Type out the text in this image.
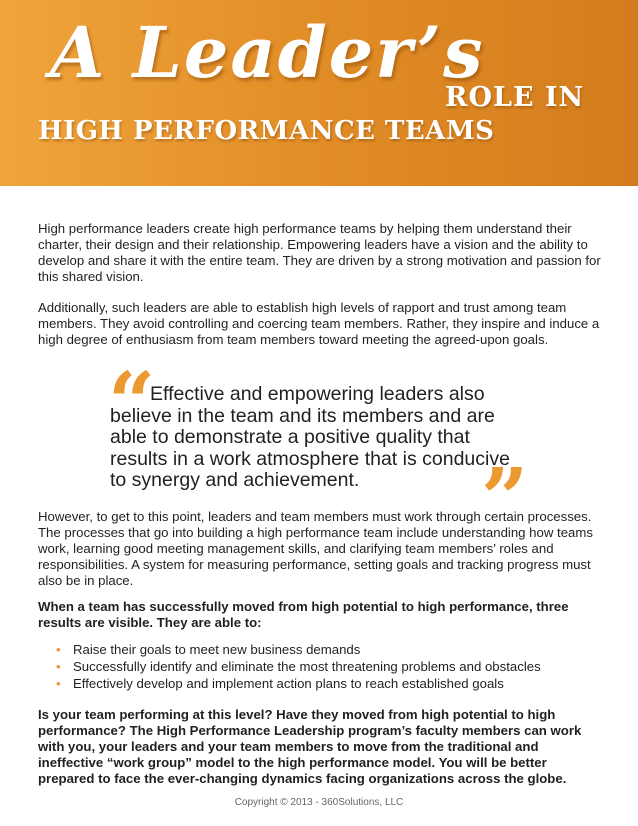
A Leader’s
ROLE IN
HIGH PERFORMANCE TEAMS

High performance leaders create high performance teams by helping them understand their charter, their design and their relationship. Empowering leaders have a vision and the ability to develop and share it with the entire team. They are driven by a strong motivation and passion for this shared vision.

Additionally, such leaders are able to establish high levels of rapport and trust among team members. They avoid controlling and coercing team members. Rather, they inspire and induce a high degree of enthusiasm from team members toward meeting the agreed-upon goals.

“

Effective and empowering leaders also believe in the team and its members and are able to demonstrate a positive quality that results in a work atmosphere that is conducive to synergy and achievement.	”

However, to get to this point, leaders and team members must work through certain processes. The processes that go into building a high performance team include understanding how teams work, learning good meeting management skills, and clarifying team members’ roles and responsibilities. A system for measuring performance, setting goals and tracking progress must also be in place.

When a team has successfully moved from high potential to high performance, three results are visible. They are able to:

• Raise their goals to meet new business demands
• Successfully identify and eliminate the most threatening problems and obstacles
• Effectively develop and implement action plans to reach established goals

Is your team performing at this level? Have they moved from high potential to high performance? The High Performance Leadership program’s faculty members can work with you, your leaders and your team members to move from the traditional and ineffective “work group” model to the high performance model. You will be better prepared to face the ever-changing dynamics facing organizations across the globe.

Copyright © 2013 - 360Solutions, LLC
